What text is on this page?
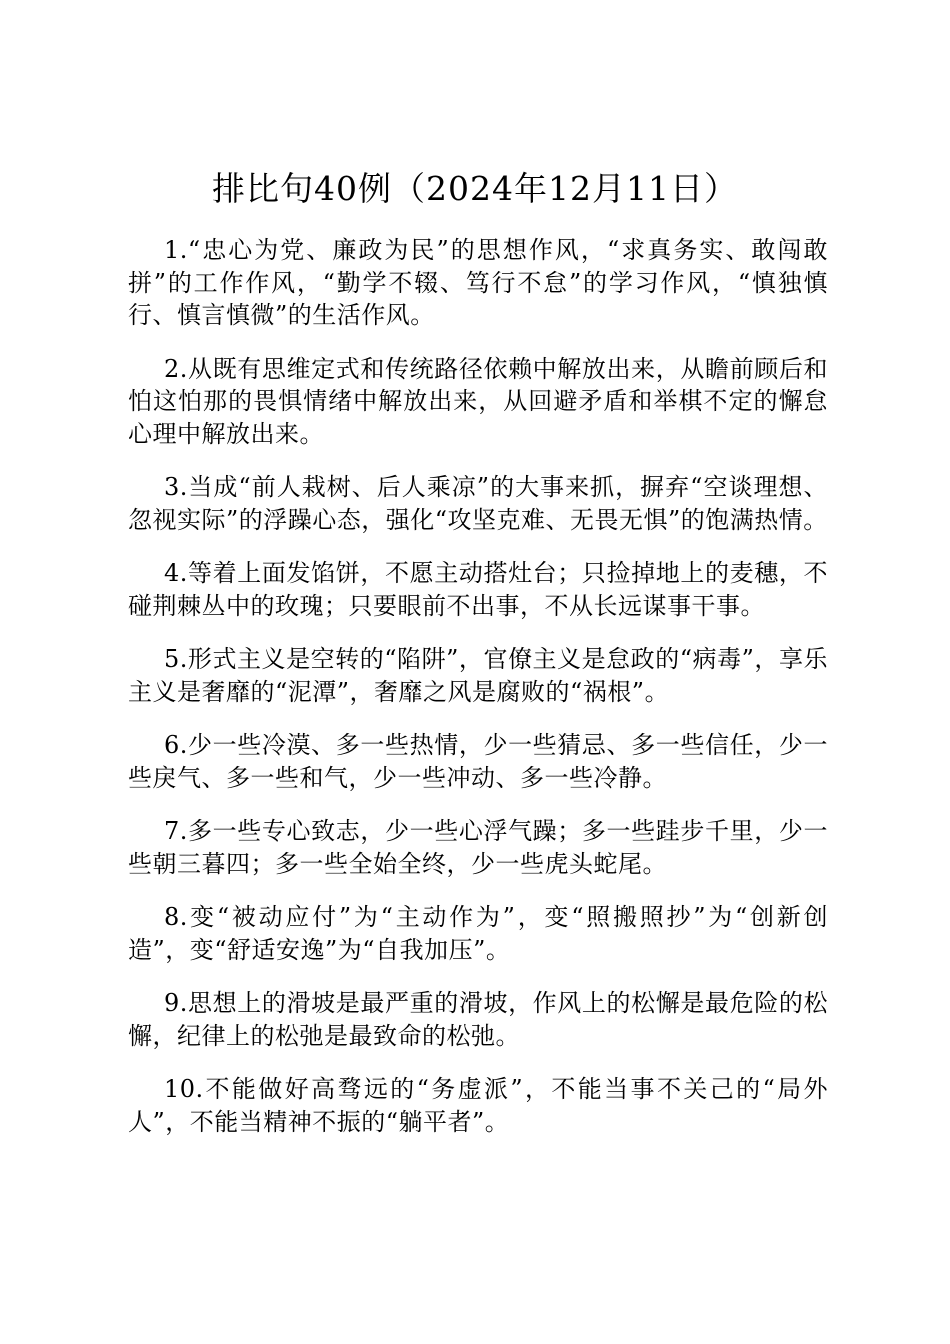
排比句40例（2024年12月11日）

1.“忠心为党、廉政为民”的思想作风，“求真务实、敢闯敢拼”的工作作风，“勤学不辍、笃行不怠”的学习作风，“慎独慎行、慎言慎微”的生活作风。

2.从既有思维定式和传统路径依赖中解放出来，从瞻前顾后和怕这怕那的畏惧情绪中解放出来，从回避矛盾和举棋不定的懈怠心理中解放出来。

3.当成“前人栽树、后人乘凉”的大事来抓，摒弃“空谈理想、忽视实际”的浮躁心态，强化“攻坚克难、无畏无惧”的饱满热情。

4.等着上面发馅饼，不愿主动搭灶台；只捡掉地上的麦穗，不碰荆棘丛中的玫瑰；只要眼前不出事，不从长远谋事干事。

5.形式主义是空转的“陷阱”，官僚主义是怠政的“病毒”，享乐主义是奢靡的“泥潭”，奢靡之风是腐败的“祸根”。

6.少一些冷漠、多一些热情，少一些猜忌、多一些信任，少一些戾气、多一些和气，少一些冲动、多一些冷静。

7.多一些专心致志，少一些心浮气躁；多一些跬步千里，少一些朝三暮四；多一些全始全终，少一些虎头蛇尾。

8.变“被动应付”为“主动作为”，变“照搬照抄”为“创新创造”，变“舒适安逸”为“自我加压”。

9.思想上的滑坡是最严重的滑坡，作风上的松懈是最危险的松懈，纪律上的松弛是最致命的松弛。

10.不能做好高骛远的“务虚派”，不能当事不关己的“局外人”，不能当精神不振的“躺平者”。
